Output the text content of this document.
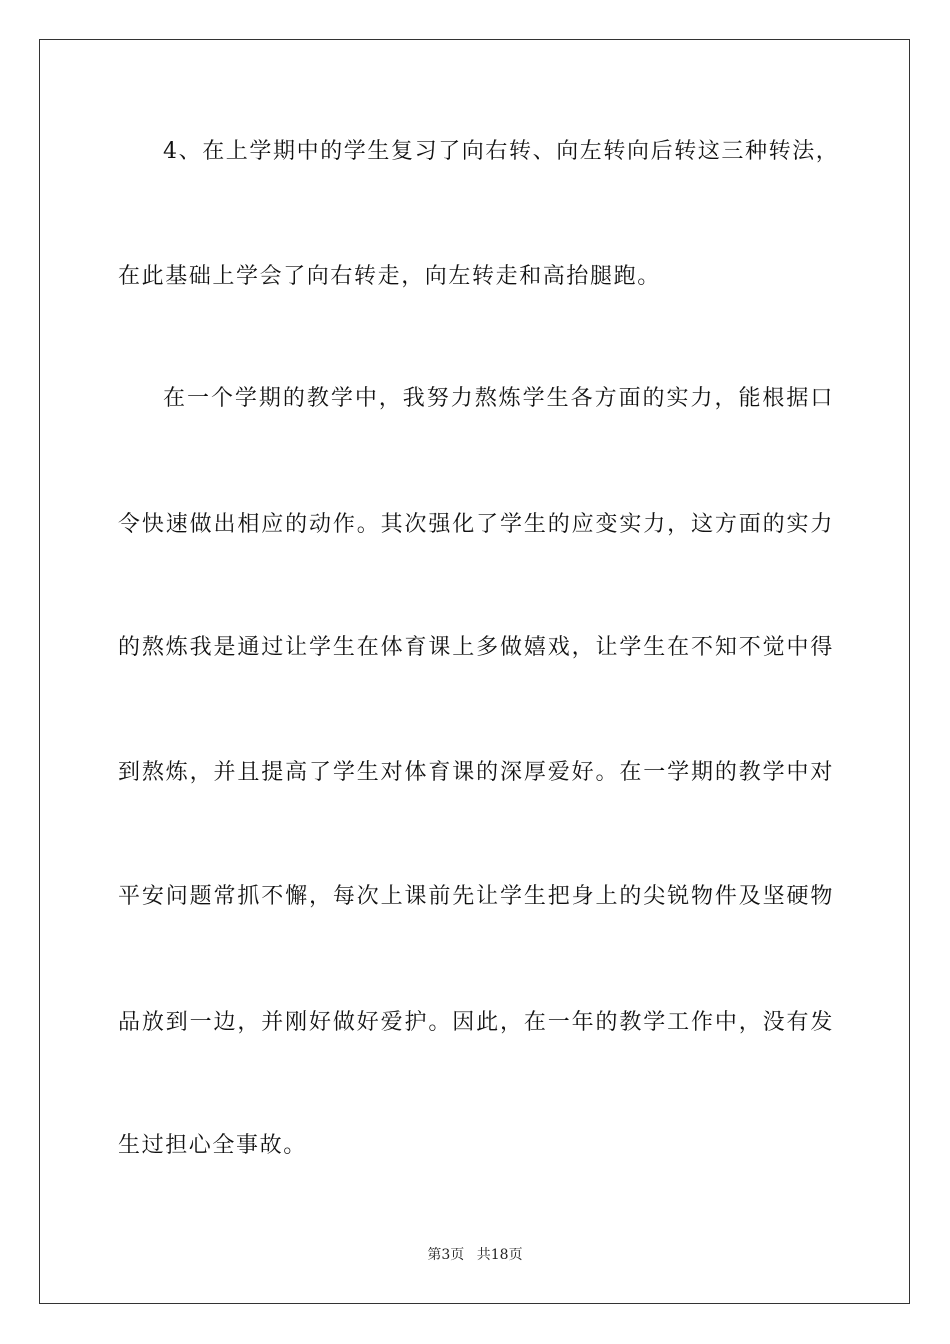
4、在上学期中的学生复习了向右转、向左转向后转这三种转法，
在此基础上学会了向右转走，向左转走和高抬腿跑。
在一个学期的教学中，我努力熬炼学生各方面的实力，能根据口
令快速做出相应的动作。其次强化了学生的应变实力，这方面的实力
的熬炼我是通过让学生在体育课上多做嬉戏，让学生在不知不觉中得
到熬炼，并且提高了学生对体育课的深厚爱好。在一学期的教学中对
平安问题常抓不懈，每次上课前先让学生把身上的尖锐物件及坚硬物
品放到一边，并刚好做好爱护。因此，在一年的教学工作中，没有发
生过担心全事故。
第3页 共18页
